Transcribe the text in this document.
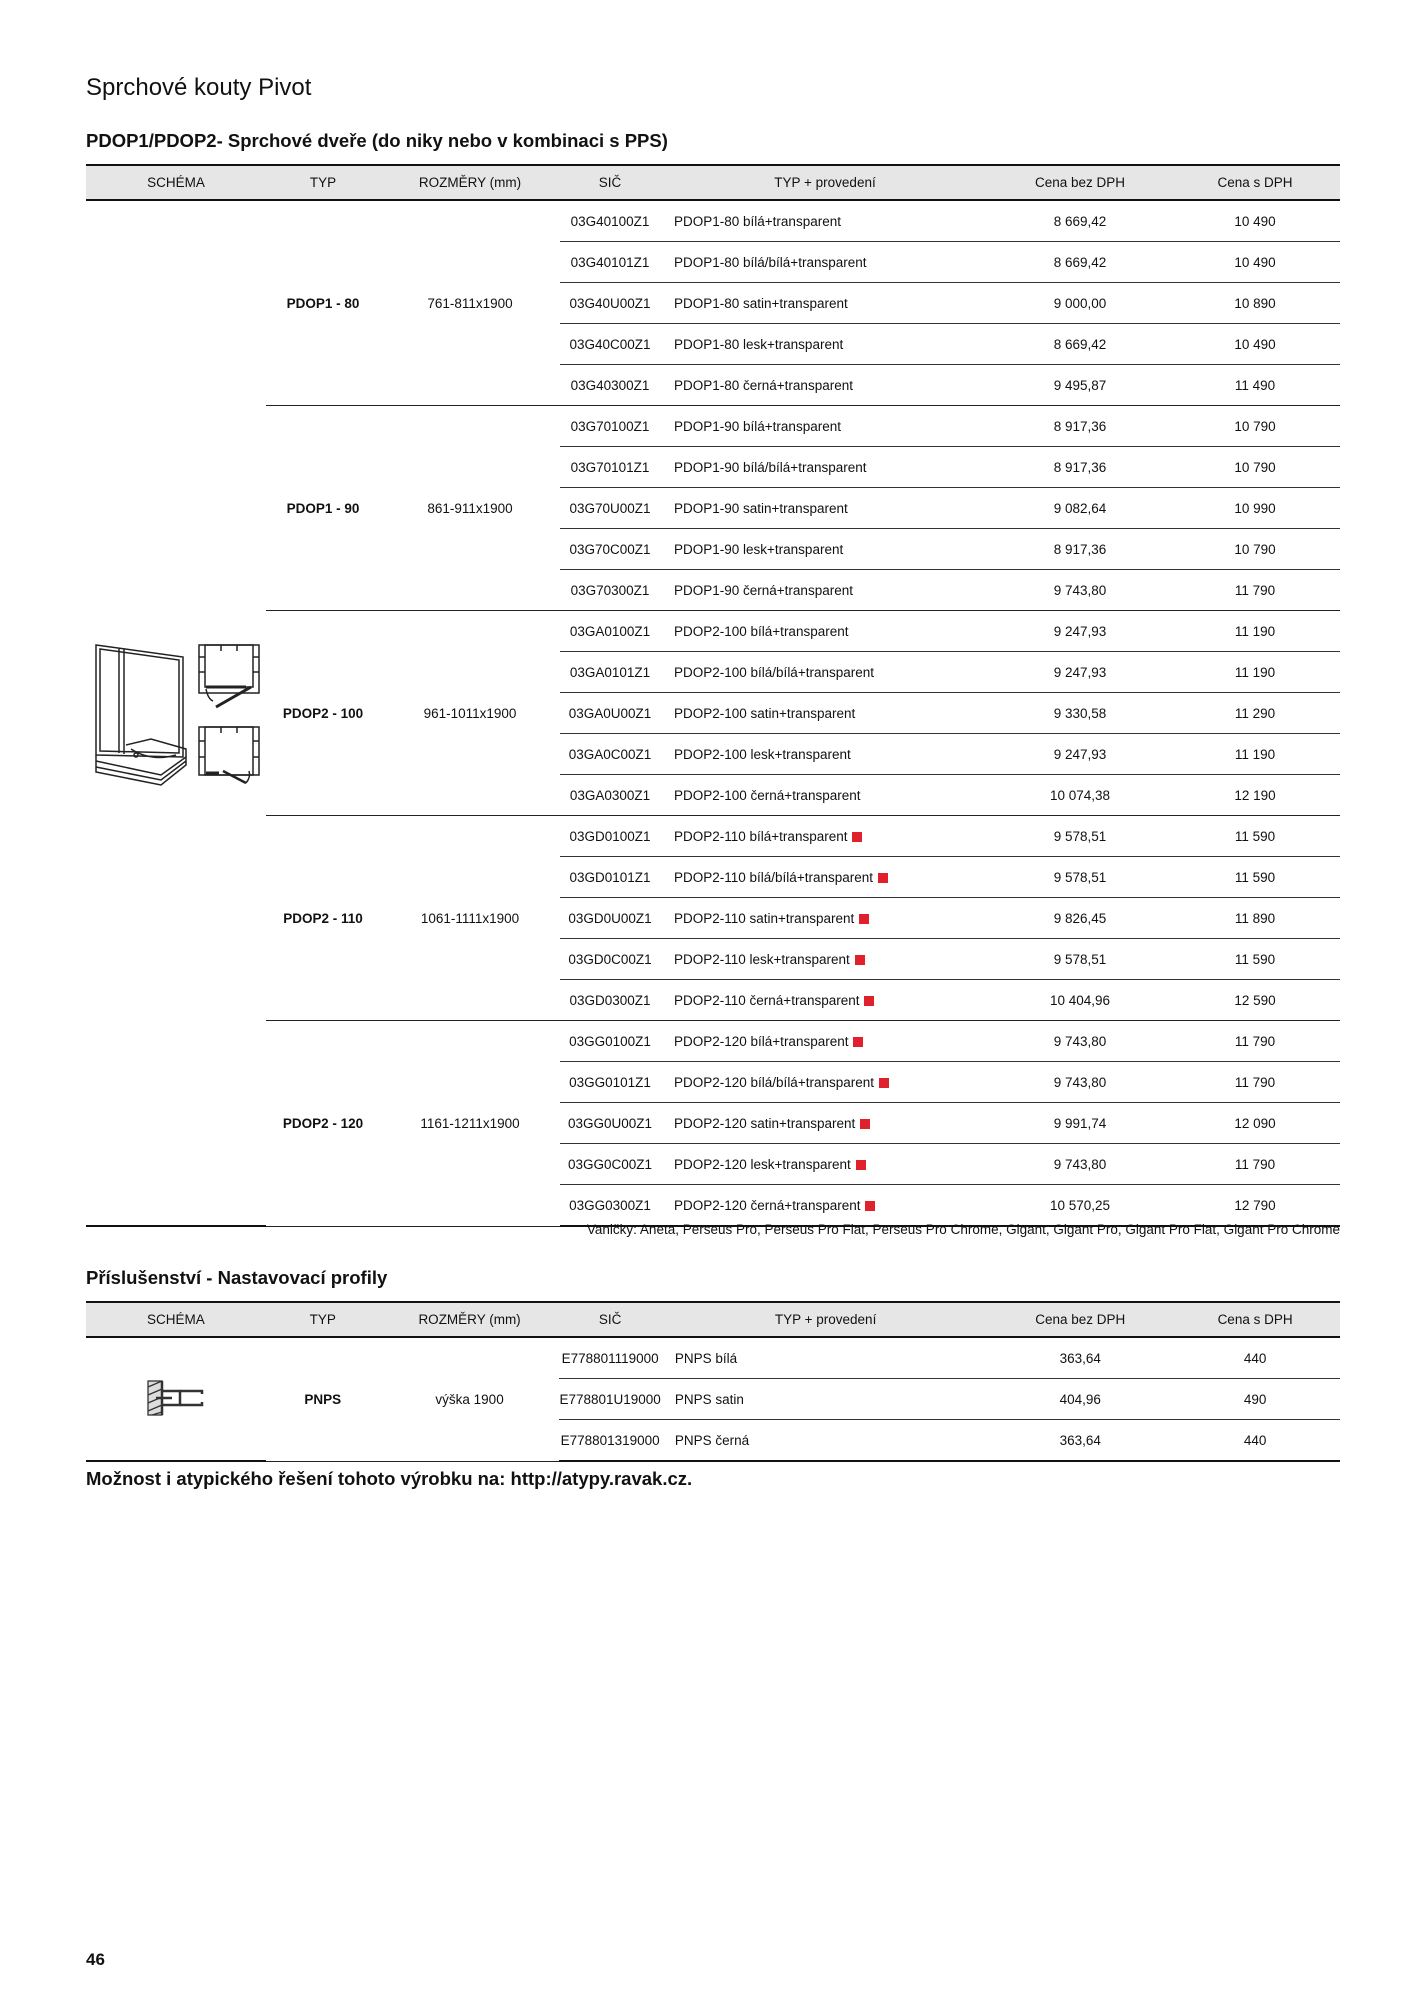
Sprchové kouty Pivot
PDOP1/PDOP2- Sprchové dveře (do niky nebo v kombinaci s PPS)
SCHÉMA	TYP	ROZMĚRY (mm)	SIČ	TYP + provedení	Cena bez DPH	Cena s DPH
	PDOP1 - 80	761-811x1900	03G40100Z1	PDOP1-80 bílá+transparent	8 669,42	10 490
			03G40101Z1	PDOP1-80 bílá/bílá+transparent	8 669,42	10 490
			03G40U00Z1	PDOP1-80 satin+transparent	9 000,00	10 890
			03G40C00Z1	PDOP1-80 lesk+transparent	8 669,42	10 490
			03G40300Z1	PDOP1-80 černá+transparent	9 495,87	11 490
	PDOP1 - 90	861-911x1900	03G70100Z1	PDOP1-90 bílá+transparent	8 917,36	10 790
			03G70101Z1	PDOP1-90 bílá/bílá+transparent	8 917,36	10 790
			03G70U00Z1	PDOP1-90 satin+transparent	9 082,64	10 990
			03G70C00Z1	PDOP1-90 lesk+transparent	8 917,36	10 790
			03G70300Z1	PDOP1-90 černá+transparent	9 743,80	11 790
	PDOP2 - 100	961-1011x1900	03GA0100Z1	PDOP2-100 bílá+transparent	9 247,93	11 190
			03GA0101Z1	PDOP2-100 bílá/bílá+transparent	9 247,93	11 190
			03GA0U00Z1	PDOP2-100 satin+transparent	9 330,58	11 290
			03GA0C00Z1	PDOP2-100 lesk+transparent	9 247,93	11 190
			03GA0300Z1	PDOP2-100 černá+transparent	10 074,38	12 190
	PDOP2 - 110	1061-1111x1900	03GD0100Z1	PDOP2-110 bílá+transparent	9 578,51	11 590
			03GD0101Z1	PDOP2-110 bílá/bílá+transparent	9 578,51	11 590
			03GD0U00Z1	PDOP2-110 satin+transparent	9 826,45	11 890
			03GD0C00Z1	PDOP2-110 lesk+transparent	9 578,51	11 590
			03GD0300Z1	PDOP2-110 černá+transparent	10 404,96	12 590
	PDOP2 - 120	1161-1211x1900	03GG0100Z1	PDOP2-120 bílá+transparent	9 743,80	11 790
			03GG0101Z1	PDOP2-120 bílá/bílá+transparent	9 743,80	11 790
			03GG0U00Z1	PDOP2-120 satin+transparent	9 991,74	12 090
			03GG0C00Z1	PDOP2-120 lesk+transparent	9 743,80	11 790
			03GG0300Z1	PDOP2-120 černá+transparent	10 570,25	12 790
Vaničky: Aneta, Perseus Pro, Perseus Pro Flat, Perseus Pro Chrome, Gigant, Gigant Pro, Gigant Pro Flat, Gigant Pro Chrome
Příslušenství - Nastavovací profily
SCHÉMA	TYP	ROZMĚRY (mm)	SIČ	TYP + provedení	Cena bez DPH	Cena s DPH
	PNPS	výška 1900	E778801119000	PNPS bílá	363,64	440
			E778801U19000	PNPS satin	404,96	490
			E778801319000	PNPS černá	363,64	440
Možnost i atypického řešení tohoto výrobku na: http://atypy.ravak.cz.
46
